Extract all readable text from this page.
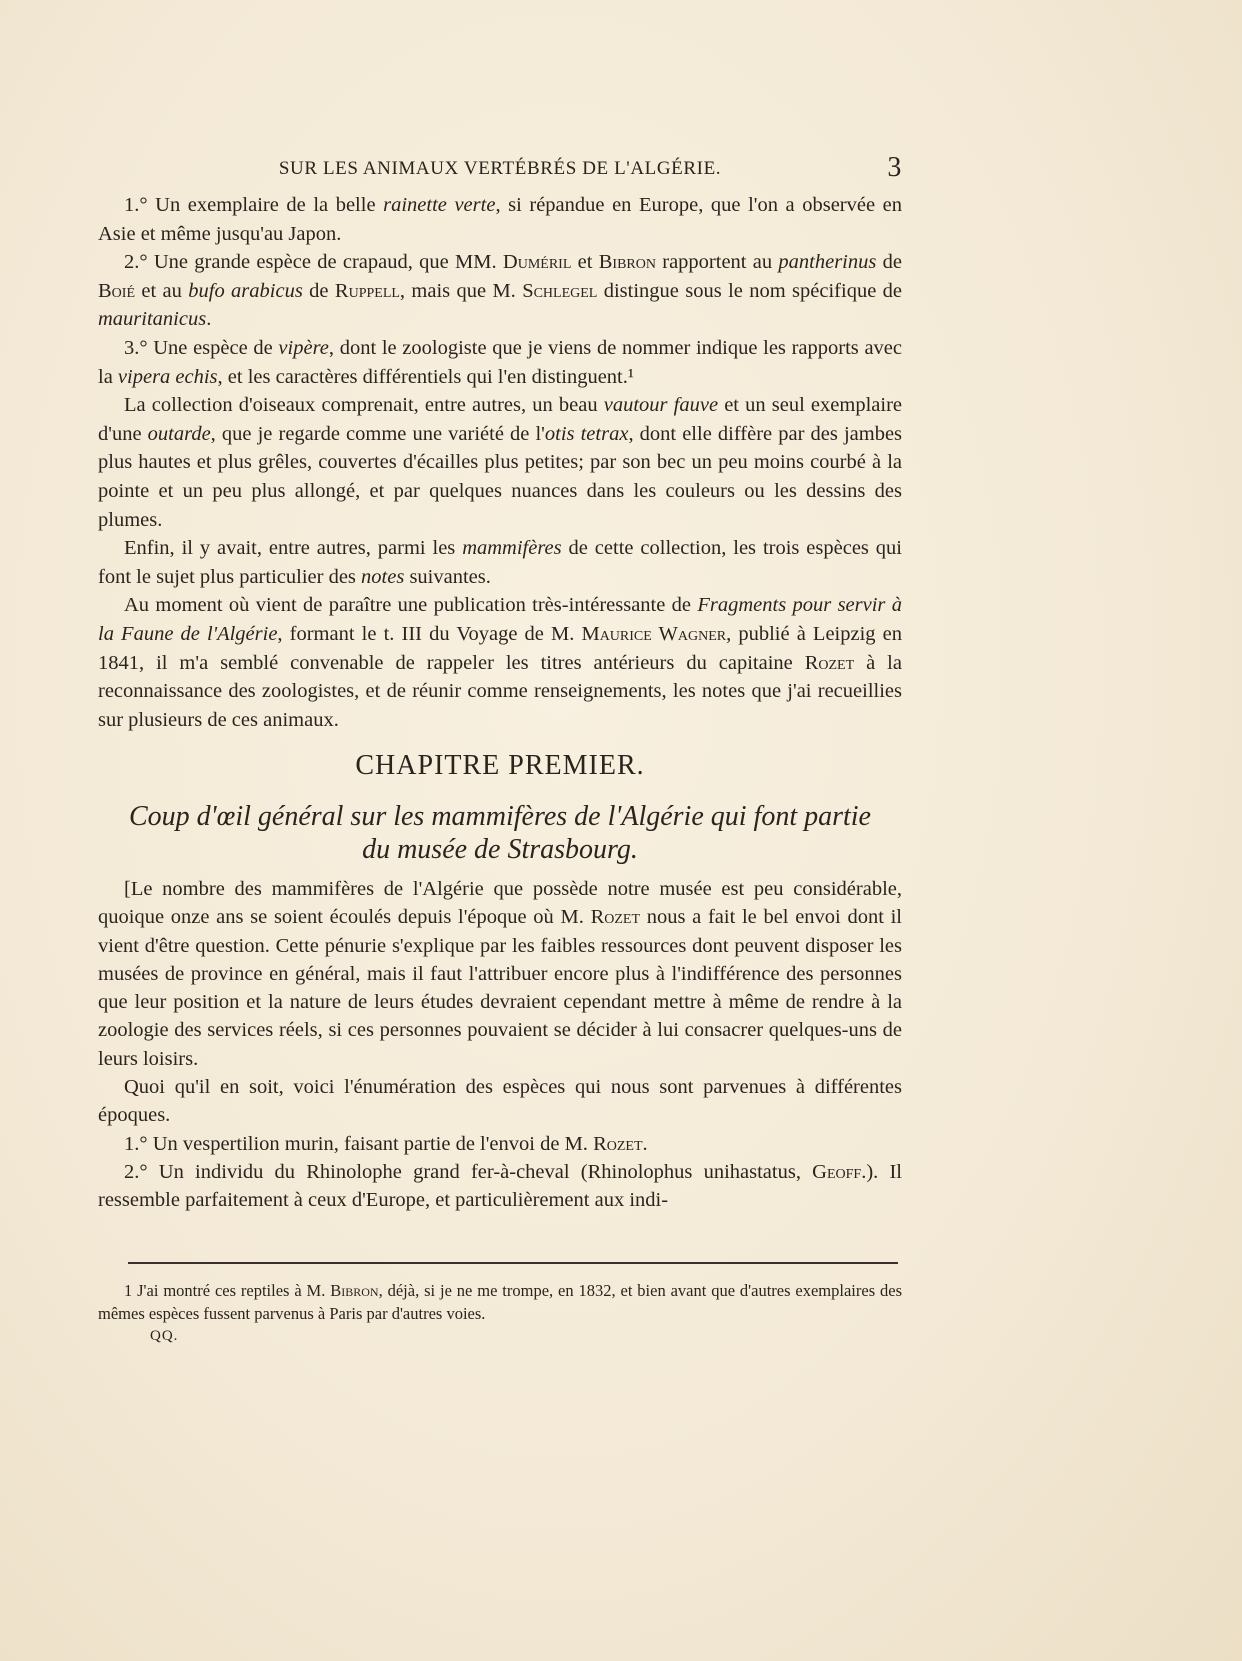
SUR LES ANIMAUX VERTÉBRÉS DE L'ALGÉRIE.	3

1.° Un exemplaire de la belle rainette verte, si répandue en Europe, que l'on a observée en Asie et même jusqu'au Japon.

2.° Une grande espèce de crapaud, que MM. Duméril et Bibron rapportent au pantherinus de Boié et au bufo arabicus de Ruppell, mais que M. Schlegel distingue sous le nom spécifique de mauritanicus.

3.° Une espèce de vipère, dont le zoologiste que je viens de nommer indique les rapports avec la vipera echis, et les caractères différentiels qui l'en distinguent.¹

La collection d'oiseaux comprenait, entre autres, un beau vautour fauve et un seul exemplaire d'une outarde, que je regarde comme une variété de l'otis tetrax, dont elle diffère par des jambes plus hautes et plus grêles, couvertes d'écailles plus petites; par son bec un peu moins courbé à la pointe et un peu plus allongé, et par quelques nuances dans les couleurs ou les dessins des plumes.

Enfin, il y avait, entre autres, parmi les mammifères de cette collection, les trois espèces qui font le sujet plus particulier des notes suivantes.

Au moment où vient de paraître une publication très-intéressante de Fragments pour servir à la Faune de l'Algérie, formant le t. III du Voyage de M. Maurice Wagner, publié à Leipzig en 1841, il m'a semblé convenable de rappeler les titres antérieurs du capitaine Rozet à la reconnaissance des zoologistes, et de réunir comme renseignements, les notes que j'ai recueillies sur plusieurs de ces animaux.

CHAPITRE PREMIER.
Coup d'œil général sur les mammifères de l'Algérie qui font partie
du musée de Strasbourg.

[Le nombre des mammifères de l'Algérie que possède notre musée est peu considérable, quoique onze ans se soient écoulés depuis l'époque où M. Rozet nous a fait le bel envoi dont il vient d'être question. Cette pénurie s'explique par les faibles ressources dont peuvent disposer les musées de province en général, mais il faut l'attribuer encore plus à l'indifférence des personnes que leur position et la nature de leurs études devraient cependant mettre à même de rendre à la zoologie des services réels, si ces personnes pouvaient se décider à lui consacrer quelques-uns de leurs loisirs.

Quoi qu'il en soit, voici l'énumération des espèces qui nous sont parvenues à différentes époques.

1.° Un vespertilion murin, faisant partie de l'envoi de M. Rozet.

2.° Un individu du Rhinolophe grand fer-à-cheval (Rhinolophus unihastatus, Geoff.). Il ressemble parfaitement à ceux d'Europe, et particulièrement aux indi-

1 J'ai montré ces reptiles à M. Bibron, déjà, si je ne me trompe, en 1832, et bien avant que d'autres exemplaires des mêmes espèces fussent parvenus à Paris par d'autres voies.

QQ.
